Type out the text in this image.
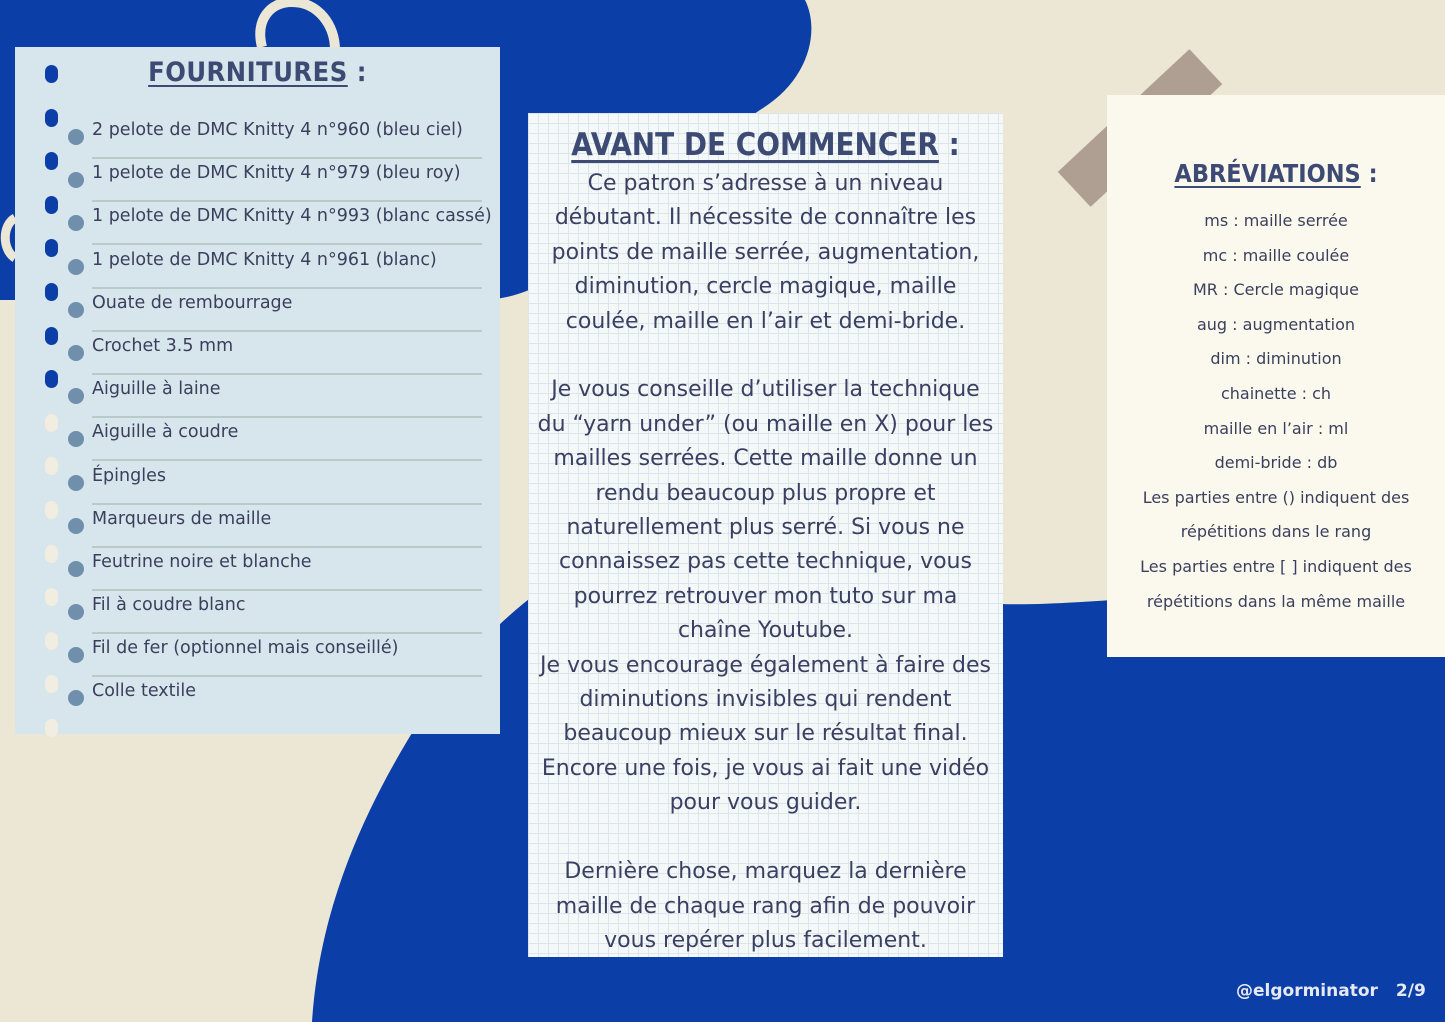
FOURNITURES :
2 pelote de DMC Knitty 4 n°960 (bleu ciel)
1 pelote de DMC Knitty 4 n°979 (bleu roy)
1 pelote de DMC Knitty 4 n°993 (blanc cassé)
1 pelote de DMC Knitty 4 n°961 (blanc)
Ouate de rembourrage
Crochet 3.5 mm
Aiguille à laine
Aiguille à coudre
Épingles
Marqueurs de maille
Feutrine noire et blanche
Fil à coudre blanc
Fil de fer (optionnel mais conseillé)
Colle textile
AVANT DE COMMENCER :

Ce patron s’adresse à un niveau débutant. Il nécessite de connaître les points de maille serrée, augmentation, diminution, cercle magique, maille coulée, maille en l’air et demi-bride.

Je vous conseille d’utiliser la technique du “yarn under” (ou maille en X) pour les mailles serrées. Cette maille donne un rendu beaucoup plus propre et naturellement plus serré. Si vous ne connaissez pas cette technique, vous pourrez retrouver mon tuto sur ma chaîne Youtube.

Je vous encourage également à faire des diminutions invisibles qui rendent beaucoup mieux sur le résultat final. Encore une fois, je vous ai fait une vidéo pour vous guider.

Dernière chose, marquez la dernière maille de chaque rang afin de pouvoir vous repérer plus facilement.

ABRÉVIATIONS :
ms : maille serrée
mc : maille coulée
MR : Cercle magique
aug : augmentation
dim : diminution
chainette : ch
maille en l’air : ml
demi-bride : db
Les parties entre () indiquent des
répétitions dans le rang
Les parties entre [ ] indiquent des
répétitions dans la même maille
@elgorminator 2/9
